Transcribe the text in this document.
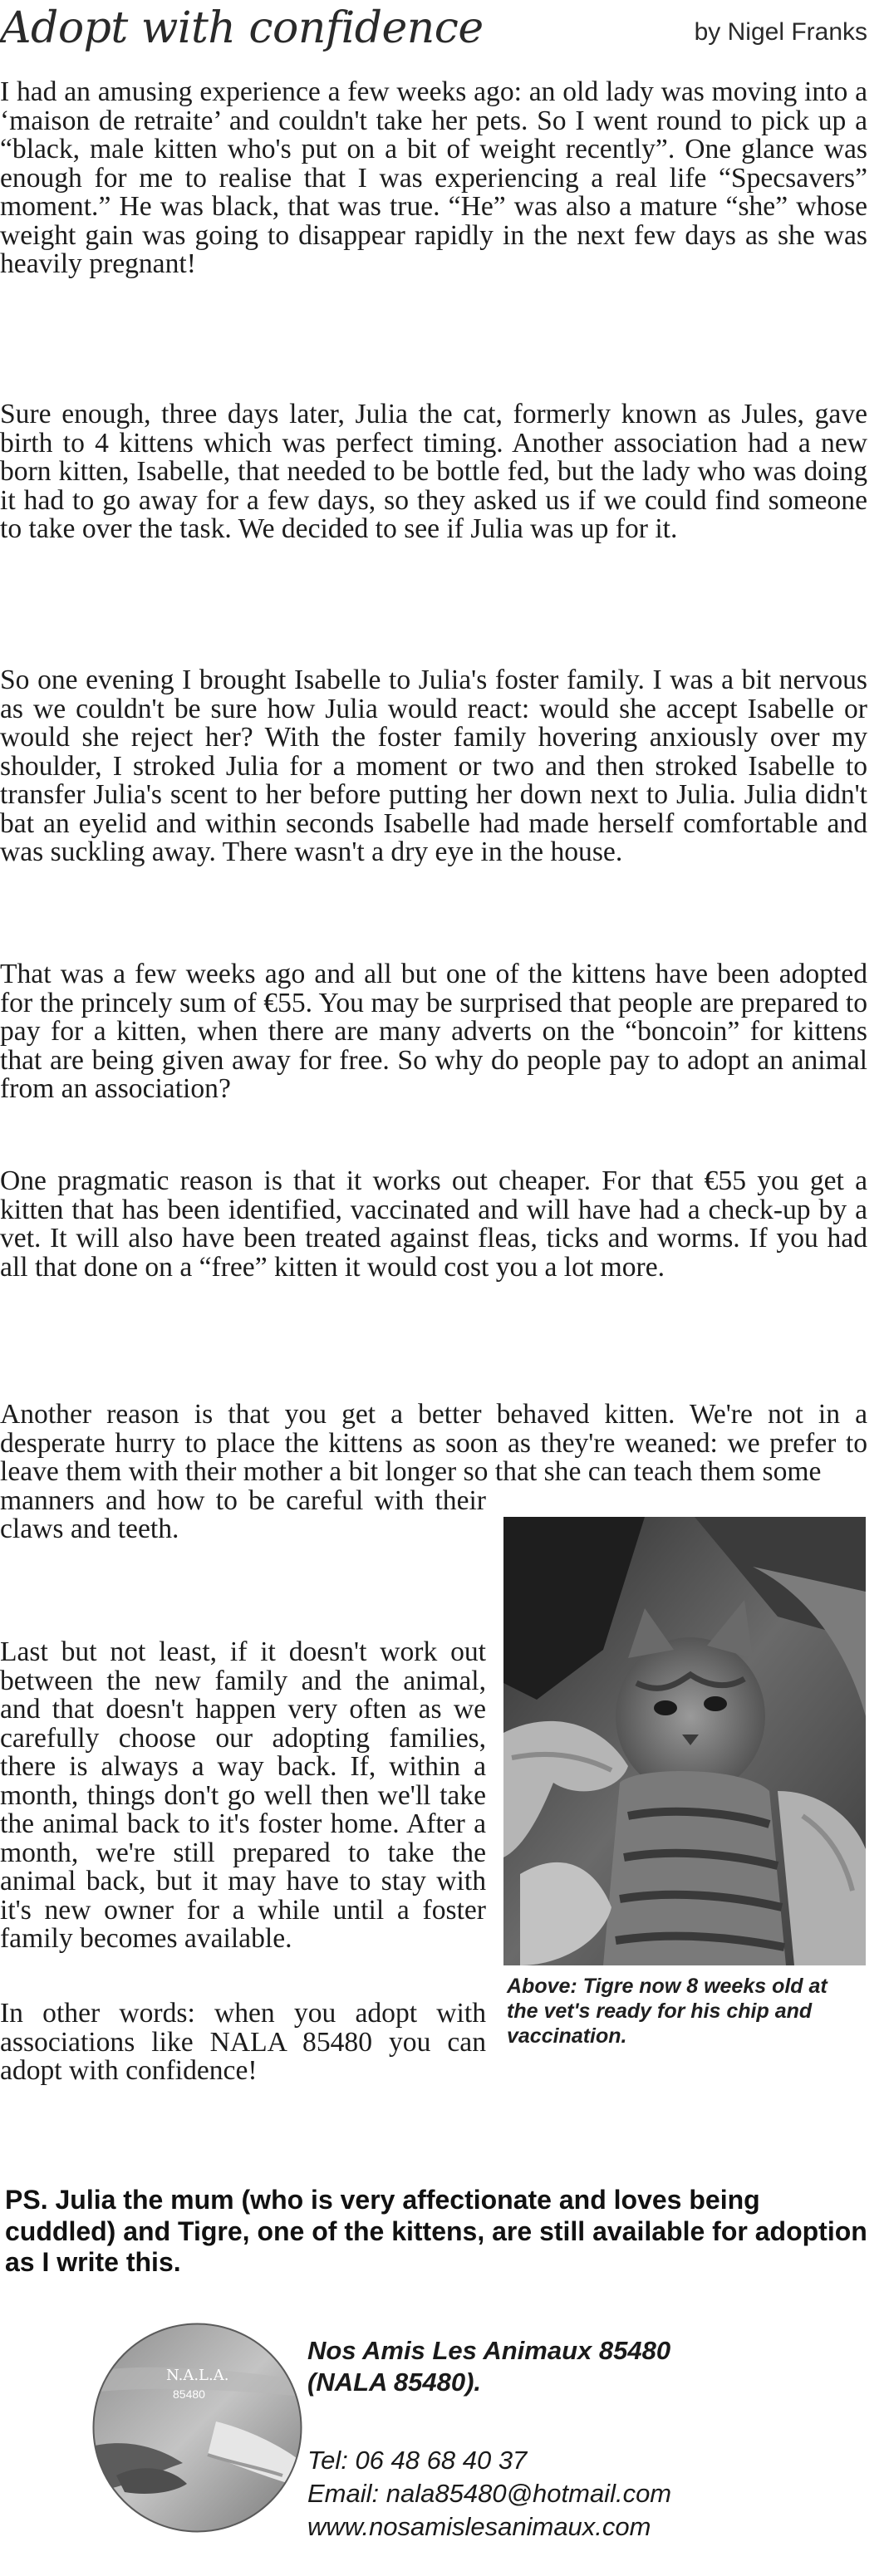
Adopt with confidence	by Nigel Franks

I had an amusing experience a few weeks ago: an old lady was moving into a ‘maison de retraite’ and couldn't take her pets. So I went round to pick up a “black, male kitten who's put on a bit of weight recently”. One glance was enough for me to realise that I was experiencing a real life “Specsavers” moment.” He was black, that was true. “He” was also a mature “she” whose weight gain was going to disappear rapidly in the next few days as she was heavily pregnant!

Sure enough, three days later, Julia the cat, formerly known as Jules, gave birth to 4 kittens which was perfect timing. Another association had a new born kitten, Isabelle, that needed to be bottle fed, but the lady who was doing it had to go away for a few days, so they asked us if we could find someone to take over the task. We decided to see if Julia was up for it.

So one evening I brought Isabelle to Julia's foster family. I was a bit nervous as we couldn't be sure how Julia would react: would she accept Isabelle or would she reject her? With the foster family hovering anxiously over my shoulder, I stroked Julia for a moment or two and then stroked Isabelle to transfer Julia's scent to her before putting her down next to Julia. Julia didn't bat an eyelid and within seconds Isabelle had made herself comfortable and was suckling away. There wasn't a dry eye in the house.

That was a few weeks ago and all but one of the kittens have been adopted for the princely sum of €55. You may be surprised that people are prepared to pay for a kitten, when there are many adverts on the “boncoin” for kittens that are being given away for free. So why do people pay to adopt an animal from an association?

One pragmatic reason is that it works out cheaper. For that €55 you get a kitten that has been identified, vaccinated and will have had a check-up by a vet. It will also have been treated against fleas, ticks and worms. If you had all that done on a “free” kitten it would cost you a lot more.

Another reason is that you get a better behaved kitten. We're not in a desperate hurry to place the kittens as soon as they're weaned: we prefer to leave them with their mother a bit longer so that she can teach them some

manners and how to be careful with their claws and teeth.

Last but not least, if it doesn't work out between the new family and the animal, and that doesn't happen very often as we carefully choose our adopting families, there is always a way back. If, within a month, things don't go well then we'll take the animal back to it's foster home. After a month, we're still prepared to take the animal back, but it may have to stay with it's new owner for a while until a foster family becomes available.

In other words: when you adopt with associations like NALA 85480 you can adopt with confidence!

Above: Tigre now 8 weeks old at the vet's ready for his chip and vaccination.
PS. Julia the mum (who is very affectionate and loves being cuddled) and Tigre, one of the kittens, are still available for adoption as I write this.
N.A.L.A.
85480
Nos Amis Les Animaux 85480
(NALA 85480).
Tel: 06 48 68 40 37
Email: nala85480@hotmail.com
www.nosamislesanimaux.com
